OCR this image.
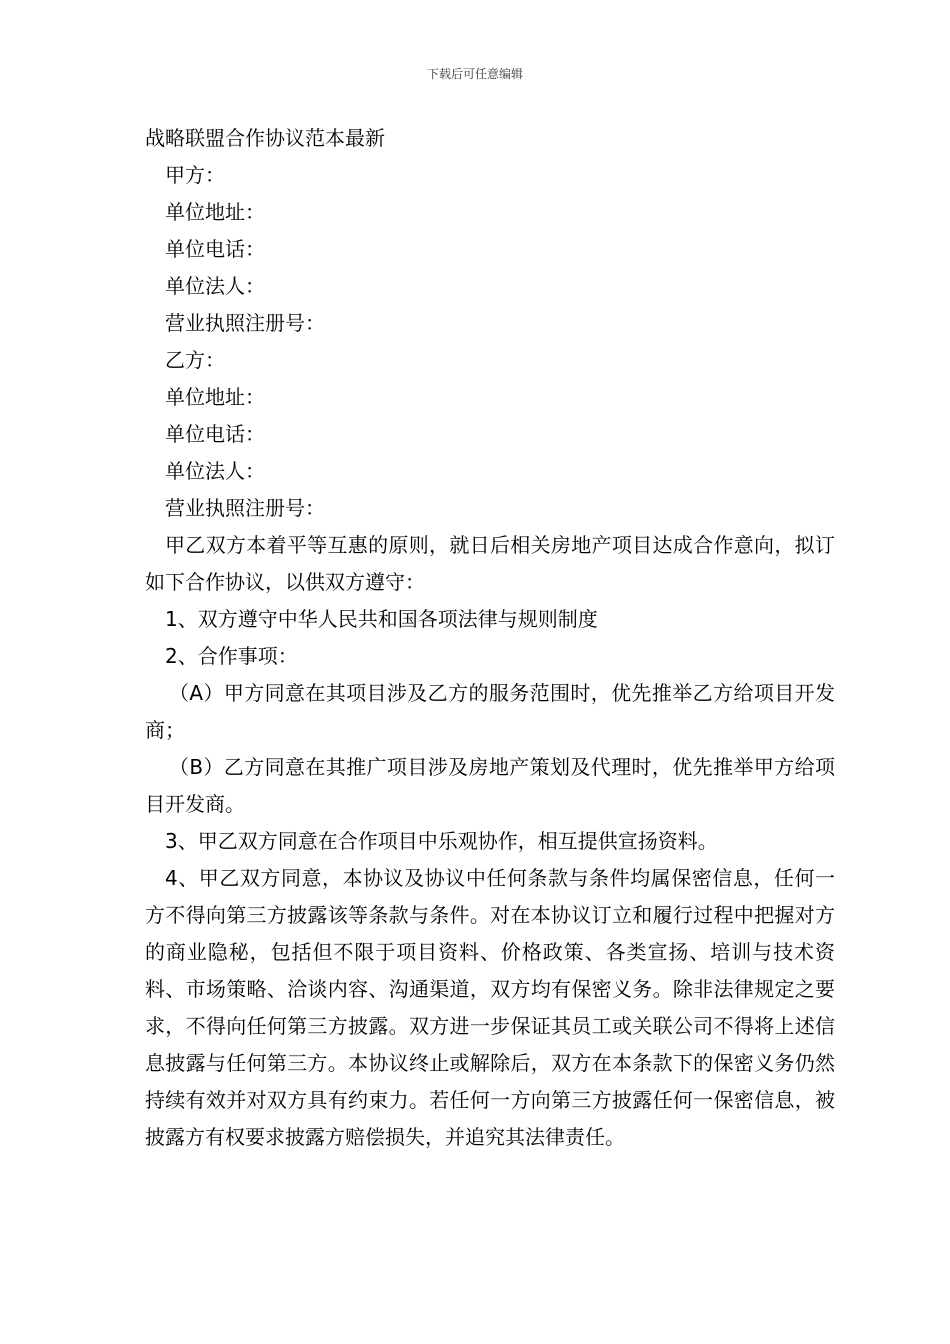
下载后可任意编辑

战略联盟合作协议范本最新

甲方：

单位地址：

单位电话：

单位法人：

营业执照注册号：

乙方：

单位地址：

单位电话：

单位法人：

营业执照注册号：

甲乙双方本着平等互惠的原则，就日后相关房地产项目达成合作意向，拟订如下合作协议，以供双方遵守：

1、双方遵守中华人民共和国各项法律与规则制度

2、合作事项：

（A）甲方同意在其项目涉及乙方的服务范围时，优先推举乙方给项目开发商；

（B）乙方同意在其推广项目涉及房地产策划及代理时，优先推举甲方给项目开发商。

3、甲乙双方同意在合作项目中乐观协作，相互提供宣扬资料。

4、甲乙双方同意，本协议及协议中任何条款与条件均属保密信息，任何一方不得向第三方披露该等条款与条件。对在本协议订立和履行过程中把握对方的商业隐秘，包括但不限于项目资料、价格政策、各类宣扬、培训与技术资料、市场策略、洽谈内容、沟通渠道，双方均有保密义务。除非法律规定之要求，不得向任何第三方披露。双方进一步保证其员工或关联公司不得将上述信息披露与任何第三方。本协议终止或解除后，双方在本条款下的保密义务仍然持续有效并对双方具有约束力。若任何一方向第三方披露任何一保密信息，被披露方有权要求披露方赔偿损失，并追究其法律责任。
